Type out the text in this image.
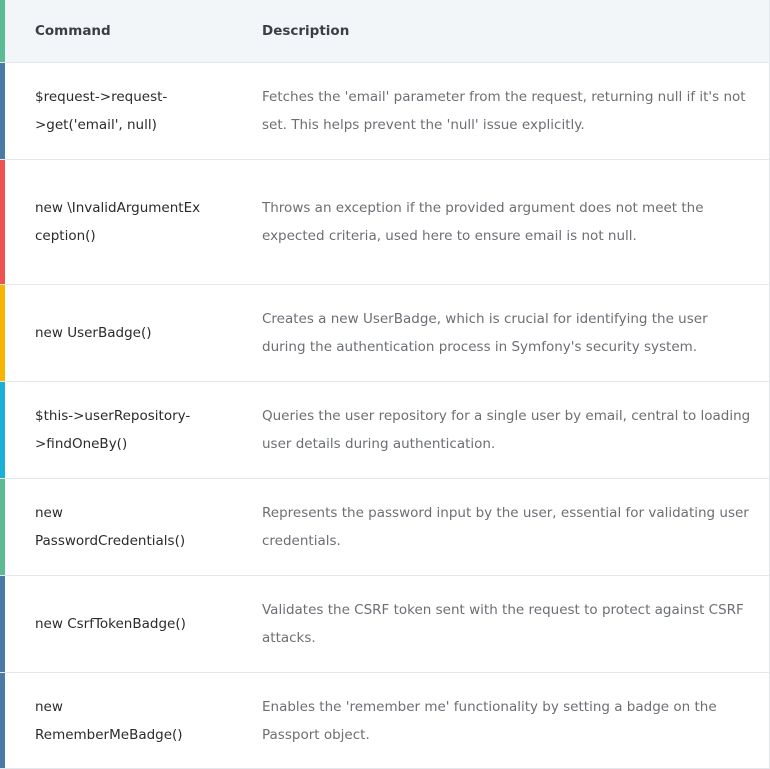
Command	Description
$request->request->get('email', null)
Fetches the 'email' parameter from the request, returning null if it's not set. This helps prevent the 'null' issue explicitly.
new \InvalidArgumentException()
Throws an exception if the provided argument does not meet the expected criteria, used here to ensure email is not null.
new UserBadge()
Creates a new UserBadge, which is crucial for identifying the user during the authentication process in Symfony's security system.
$this->userRepository->findOneBy()
Queries the user repository for a single user by email, central to loading user details during authentication.
new
PasswordCredentials()
Represents the password input by the user, essential for validating user credentials.
new CsrfTokenBadge()
Validates the CSRF token sent with the request to protect against CSRF attacks.
new
RememberMeBadge()
Enables the 'remember me' functionality by setting a badge on the Passport object.
